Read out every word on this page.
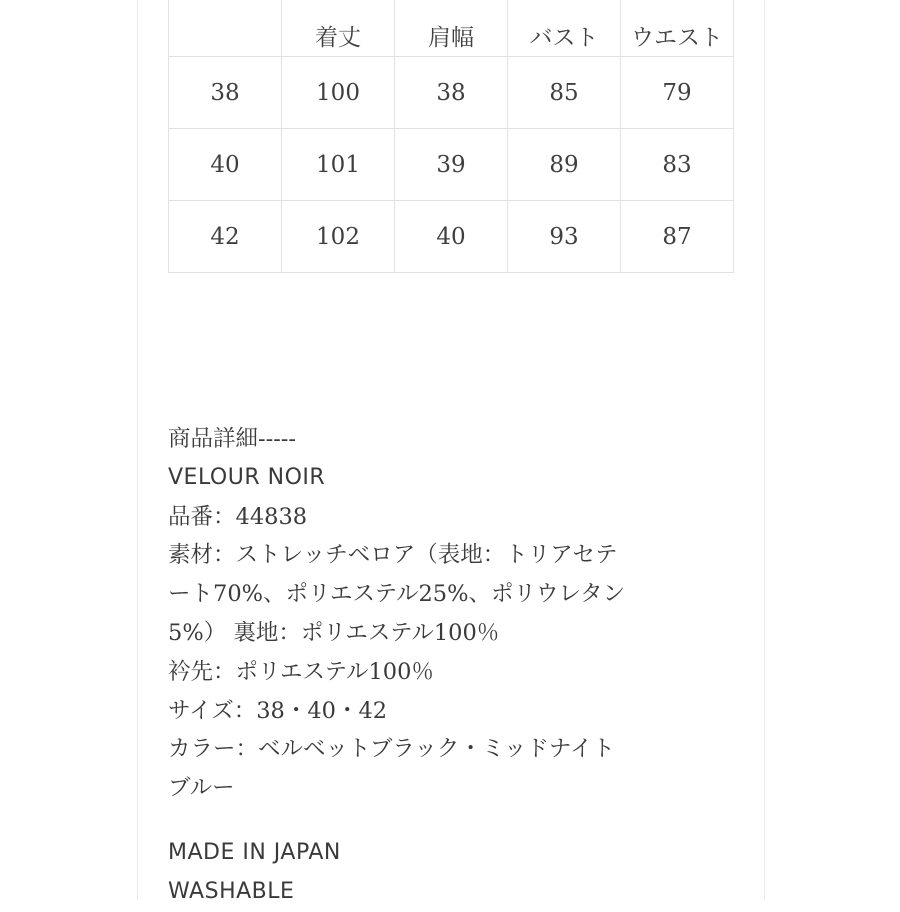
	着丈	肩幅	バスト	ウエスト
38	100	38	85	79
40	101	39	89	83
42	102	40	93	87
商品詳細-----
VELOUR NOIR
品番：44838
素材：ストレッチベロア（表地：トリアセテ
ート70%、ポリエステル25%、ポリウレタン
5%） 裏地：ポリエステル100％
衿先：ポリエステル100％
サイズ：38・40・42
カラー：ベルベットブラック・ミッドナイト
ブルー
MADE IN JAPAN
WASHABLE
